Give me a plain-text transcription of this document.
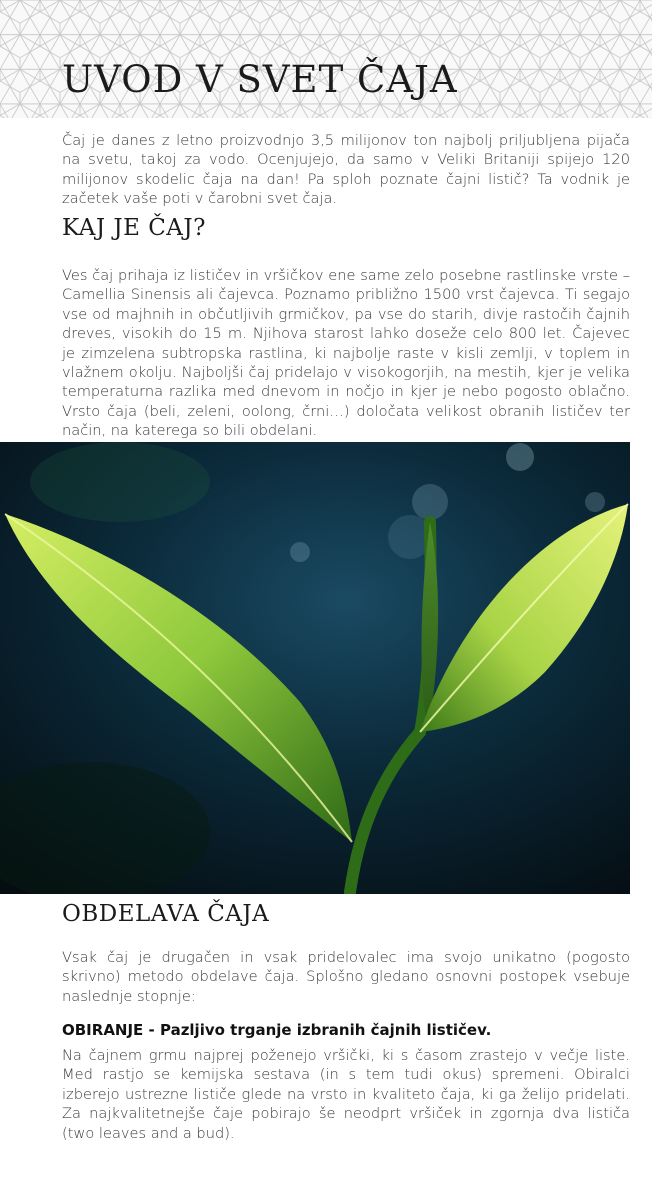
UVOD V SVET ČAJA

Čaj je danes z letno proizvodnjo 3,5 milijonov ton najbolj priljubljena pijača na svetu, takoj za vodo. Ocenjujejo, da samo v Veliki Britaniji spijejo 120 milijonov skodelic čaja na dan! Pa sploh poznate čajni listič? Ta vodnik je začetek vaše poti v čarobni svet čaja.

KAJ JE ČAJ?

Ves čaj prihaja iz lističev in vršičkov ene same zelo posebne rastlinske vrste – Camellia Sinensis ali čajevca. Poznamo približno 1500 vrst čajevca. Ti segajo vse od majhnih in občutljivih grmičkov, pa vse do starih, divje rastočih čajnih dreves, visokih do 15 m. Njihova starost lahko doseže celo 800 let. Čajevec je zimzelena subtropska rastlina, ki najbolje raste v kisli zemlji, v toplem in vlažnem okolju. Najboljši čaj pridelajo v visokogorjih, na mestih, kjer je velika temperaturna razlika med dnevom in nočjo in kjer je nebo pogosto oblačno. Vrsto čaja (beli, zeleni, oolong, črni…) določata velikost obranih lističev ter način, na katerega so bili obdelani.

OBDELAVA ČAJA

Vsak čaj je drugačen in vsak pridelovalec ima svojo unikatno (pogosto skrivno) metodo obdelave čaja. Splošno gledano osnovni postopek vsebuje naslednje stopnje:

OBIRANJE - Pazljivo trganje izbranih čajnih lističev.

Na čajnem grmu najprej poženejo vršički, ki s časom zrastejo v večje liste. Med rastjo se kemijska sestava (in s tem tudi okus) spremeni. Obiralci izberejo ustrezne lističe glede na vrsto in kvaliteto čaja, ki ga želijo pridelati. Za najkvalitetnejše čaje pobirajo še neodprt vršiček in zgornja dva lističa (two leaves and a bud).
